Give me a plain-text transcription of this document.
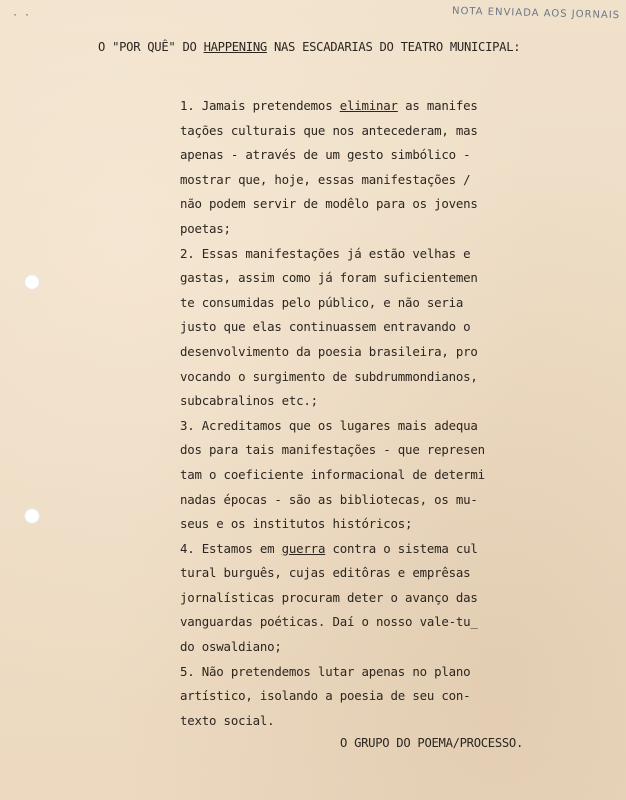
· ·	NOTA ENVIADA AOS JORNAIS
O "POR QUÊ" DO HAPPENING NAS ESCADARIAS DO TEATRO MUNICIPAL:
1. Jamais pretendemos eliminar as manifes
tações culturais que nos antecederam, mas
apenas - através de um gesto simbólico -
mostrar que, hoje, essas manifestações /
não podem servir de modêlo para os jovens
poetas;
2. Essas manifestações já estão velhas e
gastas, assim como já foram suficientemen
te consumidas pelo público, e não seria
justo que elas continuassem entravando o
desenvolvimento da poesia brasileira, pro
vocando o surgimento de subdrummondianos,
subcabralinos etc.;
3. Acreditamos que os lugares mais adequa
dos para tais manifestações - que represen
tam o coeficiente informacional de determi
nadas épocas - são as bibliotecas, os mu-
seus e os institutos históricos;
4. Estamos em guerra contra o sistema cul
tural burguês, cujas editôras e emprêsas
jornalísticas procuram deter o avanço das
vanguardas poéticas. Daí o nosso vale-tu_
do oswaldiano;
5. Não pretendemos lutar apenas no plano
artístico, isolando a poesia de seu con-
texto social.
O GRUPO DO POEMA/PROCESSO.
